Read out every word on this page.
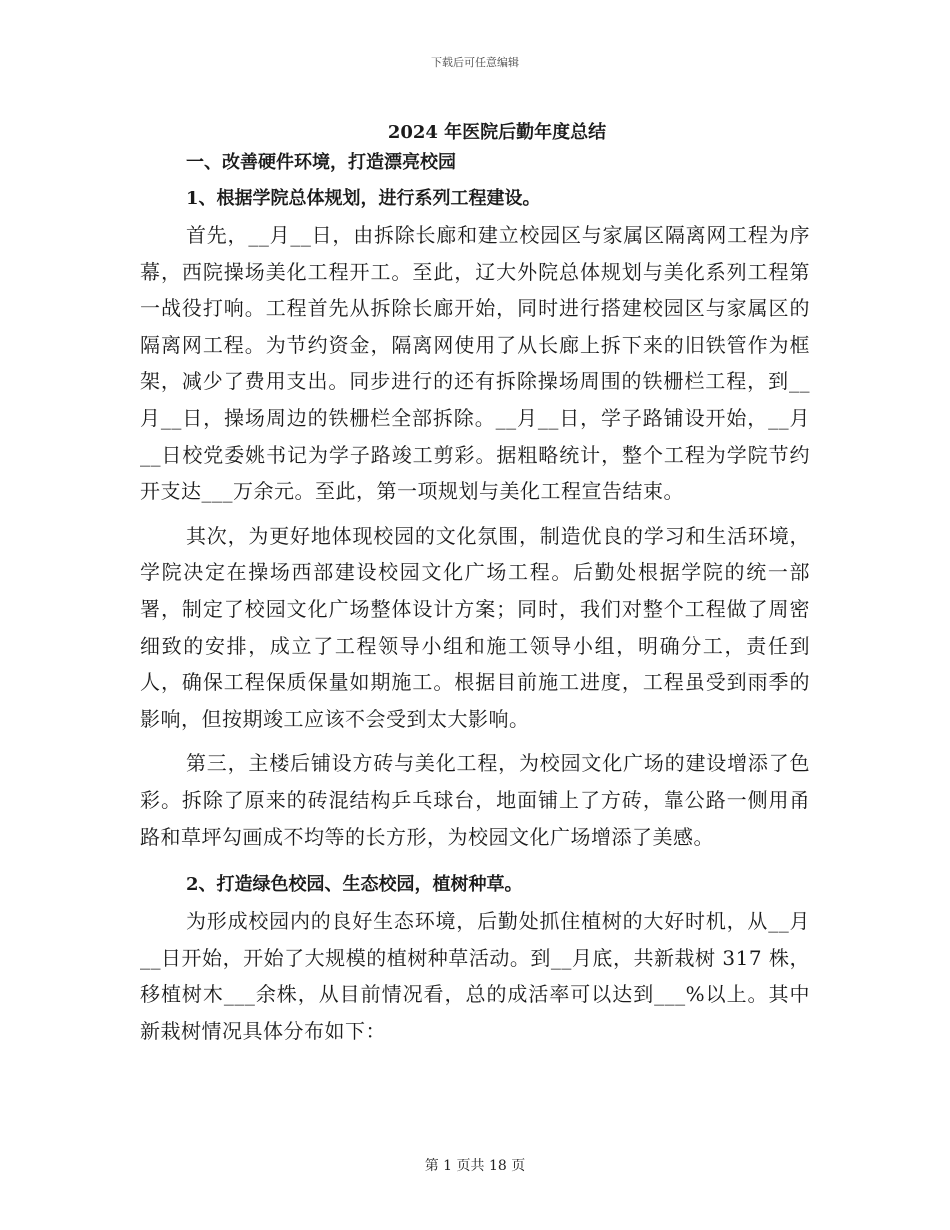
下载后可任意编辑
2024 年医院后勤年度总结
一、改善硬件环境，打造漂亮校园
1、根据学院总体规划，进行系列工程建设。

首先，__月__日，由拆除长廊和建立校园区与家属区隔离网工程为序幕，西院操场美化工程开工。至此，辽大外院总体规划与美化系列工程第一战役打响。工程首先从拆除长廊开始，同时进行搭建校园区与家属区的隔离网工程。为节约资金，隔离网使用了从长廊上拆下来的旧铁管作为框架，减少了费用支出。同步进行的还有拆除操场周围的铁栅栏工程，到__月__日，操场周边的铁栅栏全部拆除。__月__日，学子路铺设开始，__月__日校党委姚书记为学子路竣工剪彩。据粗略统计，整个工程为学院节约开支达___万余元。至此，第一项规划与美化工程宣告结束。

其次，为更好地体现校园的文化氛围，制造优良的学习和生活环境，学院决定在操场西部建设校园文化广场工程。后勤处根据学院的统一部署，制定了校园文化广场整体设计方案；同时，我们对整个工程做了周密细致的安排，成立了工程领导小组和施工领导小组，明确分工，责任到人，确保工程保质保量如期施工。根据目前施工进度，工程虽受到雨季的影响，但按期竣工应该不会受到太大影响。

第三，主楼后铺设方砖与美化工程，为校园文化广场的建设增添了色彩。拆除了原来的砖混结构乒乓球台，地面铺上了方砖，靠公路一侧用甬路和草坪勾画成不均等的长方形，为校园文化广场增添了美感。

2、打造绿色校园、生态校园，植树种草。

为形成校园内的良好生态环境，后勤处抓住植树的大好时机，从__月__日开始，开始了大规模的植树种草活动。到__月底，共新栽树 317 株，移植树木___余株，从目前情况看，总的成活率可以达到___%以上。其中新栽树情况具体分布如下：

第 1 页共 18 页
